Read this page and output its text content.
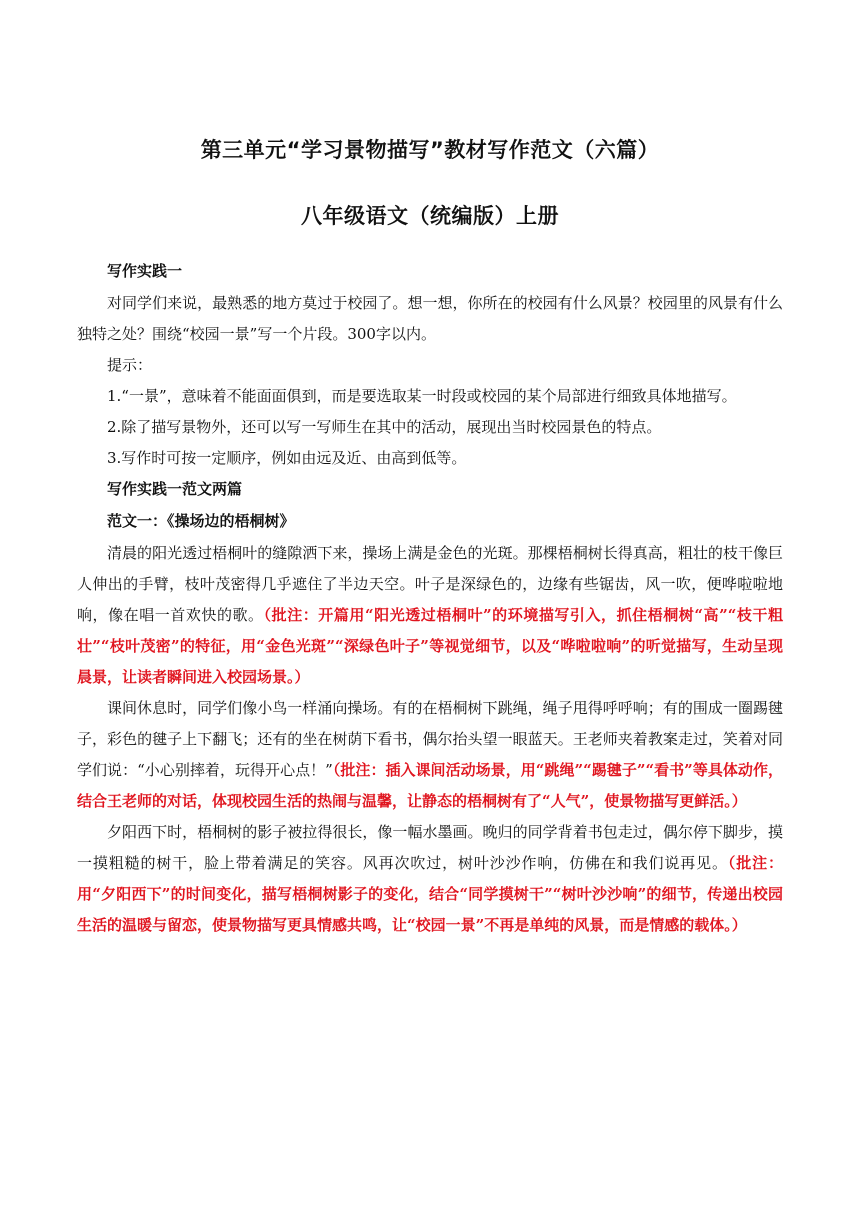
第三单元“学习景物描写”教材写作范文（六篇）
八年级语文（统编版）上册

写作实践一

对同学们来说，最熟悉的地方莫过于校园了。想一想，你所在的校园有什么风景？校园里的风景有什么独特之处？围绕“校园一景”写一个片段。300字以内。

提示：

1.“一景”，意味着不能面面俱到，而是要选取某一时段或校园的某个局部进行细致具体地描写。

2.除了描写景物外，还可以写一写师生在其中的活动，展现出当时校园景色的特点。

3.写作时可按一定顺序，例如由远及近、由高到低等。

写作实践一范文两篇

范文一：《操场边的梧桐树》

清晨的阳光透过梧桐叶的缝隙洒下来，操场上满是金色的光斑。那棵梧桐树长得真高，粗壮的枝干像巨人伸出的手臂，枝叶茂密得几乎遮住了半边天空。叶子是深绿色的，边缘有些锯齿，风一吹，便哗啦啦地响，像在唱一首欢快的歌。（批注：开篇用“阳光透过梧桐叶”的环境描写引入，抓住梧桐树“高”“枝干粗壮”“枝叶茂密”的特征，用“金色光斑”“深绿色叶子”等视觉细节，以及“哗啦啦响”的听觉描写，生动呈现晨景，让读者瞬间进入校园场景。）

课间休息时，同学们像小鸟一样涌向操场。有的在梧桐树下跳绳，绳子甩得呼呼响；有的围成一圈踢毽子，彩色的毽子上下翻飞；还有的坐在树荫下看书，偶尔抬头望一眼蓝天。王老师夹着教案走过，笑着对同学们说：“小心别摔着，玩得开心点！”（批注：插入课间活动场景，用“跳绳”“踢毽子”“看书”等具体动作，结合王老师的对话，体现校园生活的热闹与温馨，让静态的梧桐树有了“人气”，使景物描写更鲜活。）

夕阳西下时，梧桐树的影子被拉得很长，像一幅水墨画。晚归的同学背着书包走过，偶尔停下脚步，摸一摸粗糙的树干，脸上带着满足的笑容。风再次吹过，树叶沙沙作响，仿佛在和我们说再见。（批注：用“夕阳西下”的时间变化，描写梧桐树影子的变化，结合“同学摸树干”“树叶沙沙响”的细节，传递出校园生活的温暖与留恋，使景物描写更具情感共鸣，让“校园一景”不再是单纯的风景，而是情感的载体。）
